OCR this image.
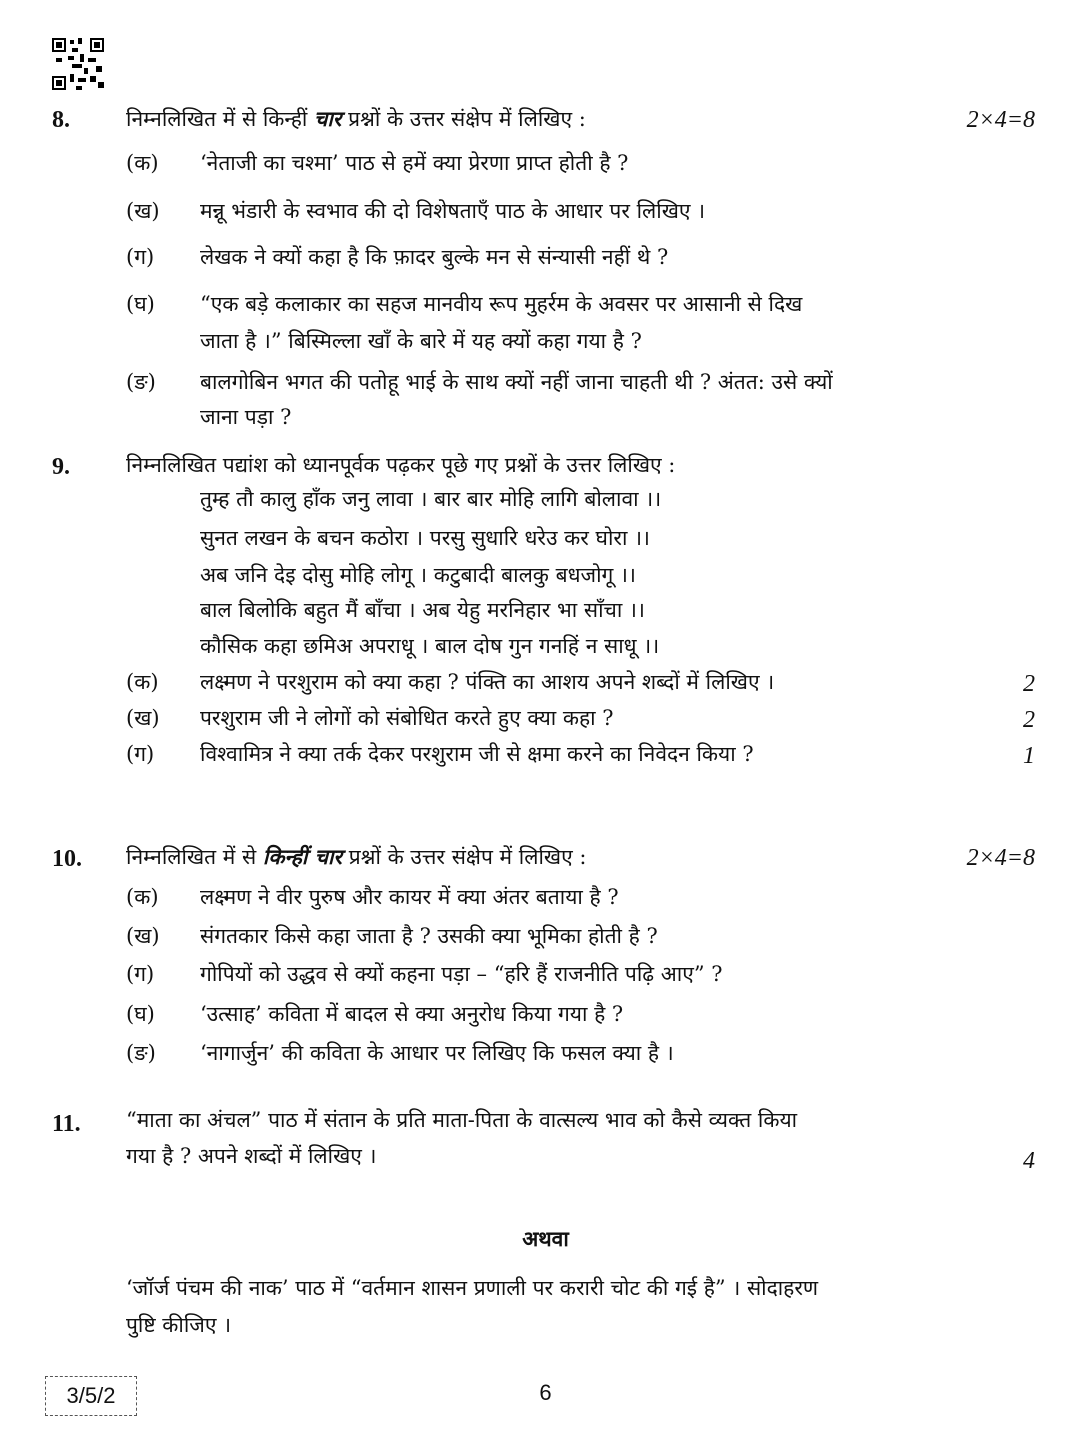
8.	निम्नलिखित में से किन्हीं चार प्रश्नों के उत्तर संक्षेप में लिखिए :	2×4=8
(क) ‘नेताजी का चश्मा’ पाठ से हमें क्या प्रेरणा प्राप्त होती है ?
(ख) मन्नू भंडारी के स्वभाव की दो विशेषताएँ पाठ के आधार पर लिखिए ।
(ग) लेखक ने क्यों कहा है कि फ़ादर बुल्के मन से संन्यासी नहीं थे ?
(घ) “एक बड़े कलाकार का सहज मानवीय रूप मुहर्रम के अवसर पर आसानी से दिख
जाता है ।” बिस्मिल्ला खाँ के बारे में यह क्यों कहा गया है ?
(ङ) बालगोबिन भगत की पतोहू भाई के साथ क्यों नहीं जाना चाहती थी ? अंतत: उसे क्यों
जाना पड़ा ?
9.	निम्नलिखित पद्यांश को ध्यानपूर्वक पढ़कर पूछे गए प्रश्नों के उत्तर लिखिए :
तुम्ह तौ कालु हाँक जनु लावा । बार बार मोहि लागि बोलावा ।।
सुनत लखन के बचन कठोरा । परसु सुधारि धरेउ कर घोरा ।।
अब जनि देइ दोसु मोहि लोगू । कटुबादी बालकु बधजोगू ।।
बाल बिलोकि बहुत मैं बाँचा । अब येहु मरनिहार भा साँचा ।।
कौसिक कहा छमिअ अपराधू । बाल दोष गुन गनहिं न साधू ।।
(क) लक्ष्मण ने परशुराम को क्या कहा ? पंक्ति का आशय अपने शब्दों में लिखिए ।	2
(ख) परशुराम जी ने लोगों को संबोधित करते हुए क्या कहा ?	2
(ग) विश्वामित्र ने क्या तर्क देकर परशुराम जी से क्षमा करने का निवेदन किया ?	1
10. निम्नलिखित में से किन्हीं चार प्रश्नों के उत्तर संक्षेप में लिखिए :	2×4=8
(क) लक्ष्मण ने वीर पुरुष और कायर में क्या अंतर बताया है ?
(ख) संगतकार किसे कहा जाता है ? उसकी क्या भूमिका होती है ?
(ग) गोपियों को उद्धव से क्यों कहना पड़ा – “हरि हैं राजनीति पढ़ि आए” ?
(घ) ‘उत्साह’ कविता में बादल से क्या अनुरोध किया गया है ?
(ङ) ‘नागार्जुन’ की कविता के आधार पर लिखिए कि फसल क्या है ।
11. “माता का अंचल” पाठ में संतान के प्रति माता-पिता के वात्सल्य भाव को कैसे व्यक्त किया
गया है ? अपने शब्दों में लिखिए ।	4
अथवा
‘जॉर्ज पंचम की नाक’ पाठ में “वर्तमान शासन प्रणाली पर करारी चोट की गई है” । सोदाहरण
पुष्टि कीजिए ।
3/5/2	6
